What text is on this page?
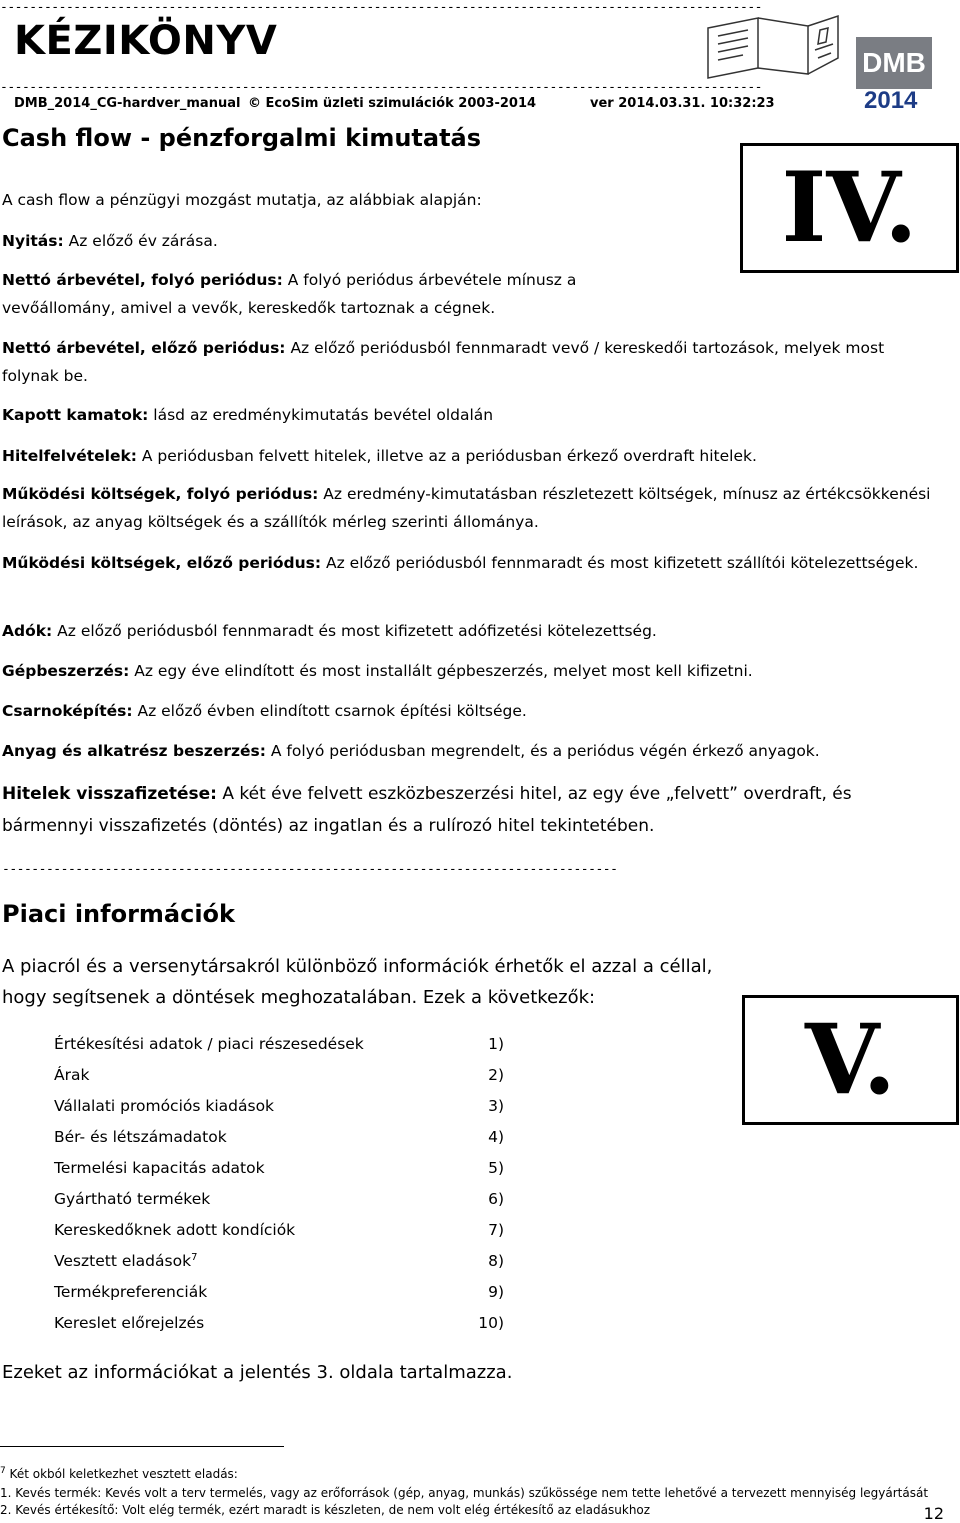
--------------------------------------------------------------------------------------------------------
KÉZIKÖNYV	DMB
2014
--------------------------------------------------------------------------------------------------------
DMB_2014_CG-hardver_manual © EcoSim üzleti szimulációk 2003-2014	ver 2014.03.31. 10:32:23
Cash flow - pénzforgalmi kimutatás
IV.
A cash flow a pénzügyi mozgást mutatja, az alábbiak alapján:
Nyitás: Az előző év zárása.
Nettó árbevétel, folyó periódus: A folyó periódus árbevétele mínusz a vevőállomány, amivel a vevők, kereskedők tartoznak a cégnek.
Nettó árbevétel, előző periódus: Az előző periódusból fennmaradt vevő / kereskedői tartozások, melyek most folynak be.
Kapott kamatok: lásd az eredménykimutatás bevétel oldalán
Hitelfelvételek: A periódusban felvett hitelek, illetve az a periódusban érkező overdraft hitelek.
Működési költségek, folyó periódus: Az eredmény-kimutatásban részletezett költségek, mínusz az értékcsökkenési leírások, az anyag költségek és a szállítók mérleg szerinti állománya.
Működési költségek, előző periódus: Az előző periódusból fennmaradt és most kifizetett szállítói kötelezettségek.
Adók: Az előző periódusból fennmaradt és most kifizetett adófizetési kötelezettség.
Gépbeszerzés: Az egy éve elindított és most installált gépbeszerzés, melyet most kell kifizetni.
Csarnoképítés: Az előző évben elindított csarnok építési költsége.
Anyag és alkatrész beszerzés: A folyó periódusban megrendelt, és a periódus végén érkező anyagok.
Hitelek visszafizetése: A két éve felvett eszközbeszerzési hitel, az egy éve „felvett” overdraft, és bármennyi visszafizetés (döntés) az ingatlan és a rulírozó hitel tekintetében.
------------------------------------------------------------------------------------
Piaci információk
A piacról és a versenytársakról különböző információk érhetők el azzal a céllal, hogy segítsenek a döntések meghozatalában. Ezek a következők:
V.
Értékesítési adatok / piaci részesedések	1)
Árak	2)
Vállalati promóciós kiadások	3)
Bér- és létszámadatok	4)
Termelési kapacitás adatok	5)
Gyártható termékek	6)
Kereskedőknek adott kondíciók	7)
Vesztett eladások$^7$	8)
Termékpreferenciák	9)
Kereslet előrejelzés	10)
Ezeket az információkat a jelentés 3. oldala tartalmazza.
$^7$ Két okból keletkezhet vesztett eladás:
1. Kevés termék: Kevés volt a terv termelés, vagy az erőforrások (gép, anyag, munkás) szűkössége nem tette lehetővé a tervezett mennyiség legyártását
2. Kevés értékesítő: Volt elég termék, ezért maradt is készleten, de nem volt elég értékesítő az eladásukhoz	12
